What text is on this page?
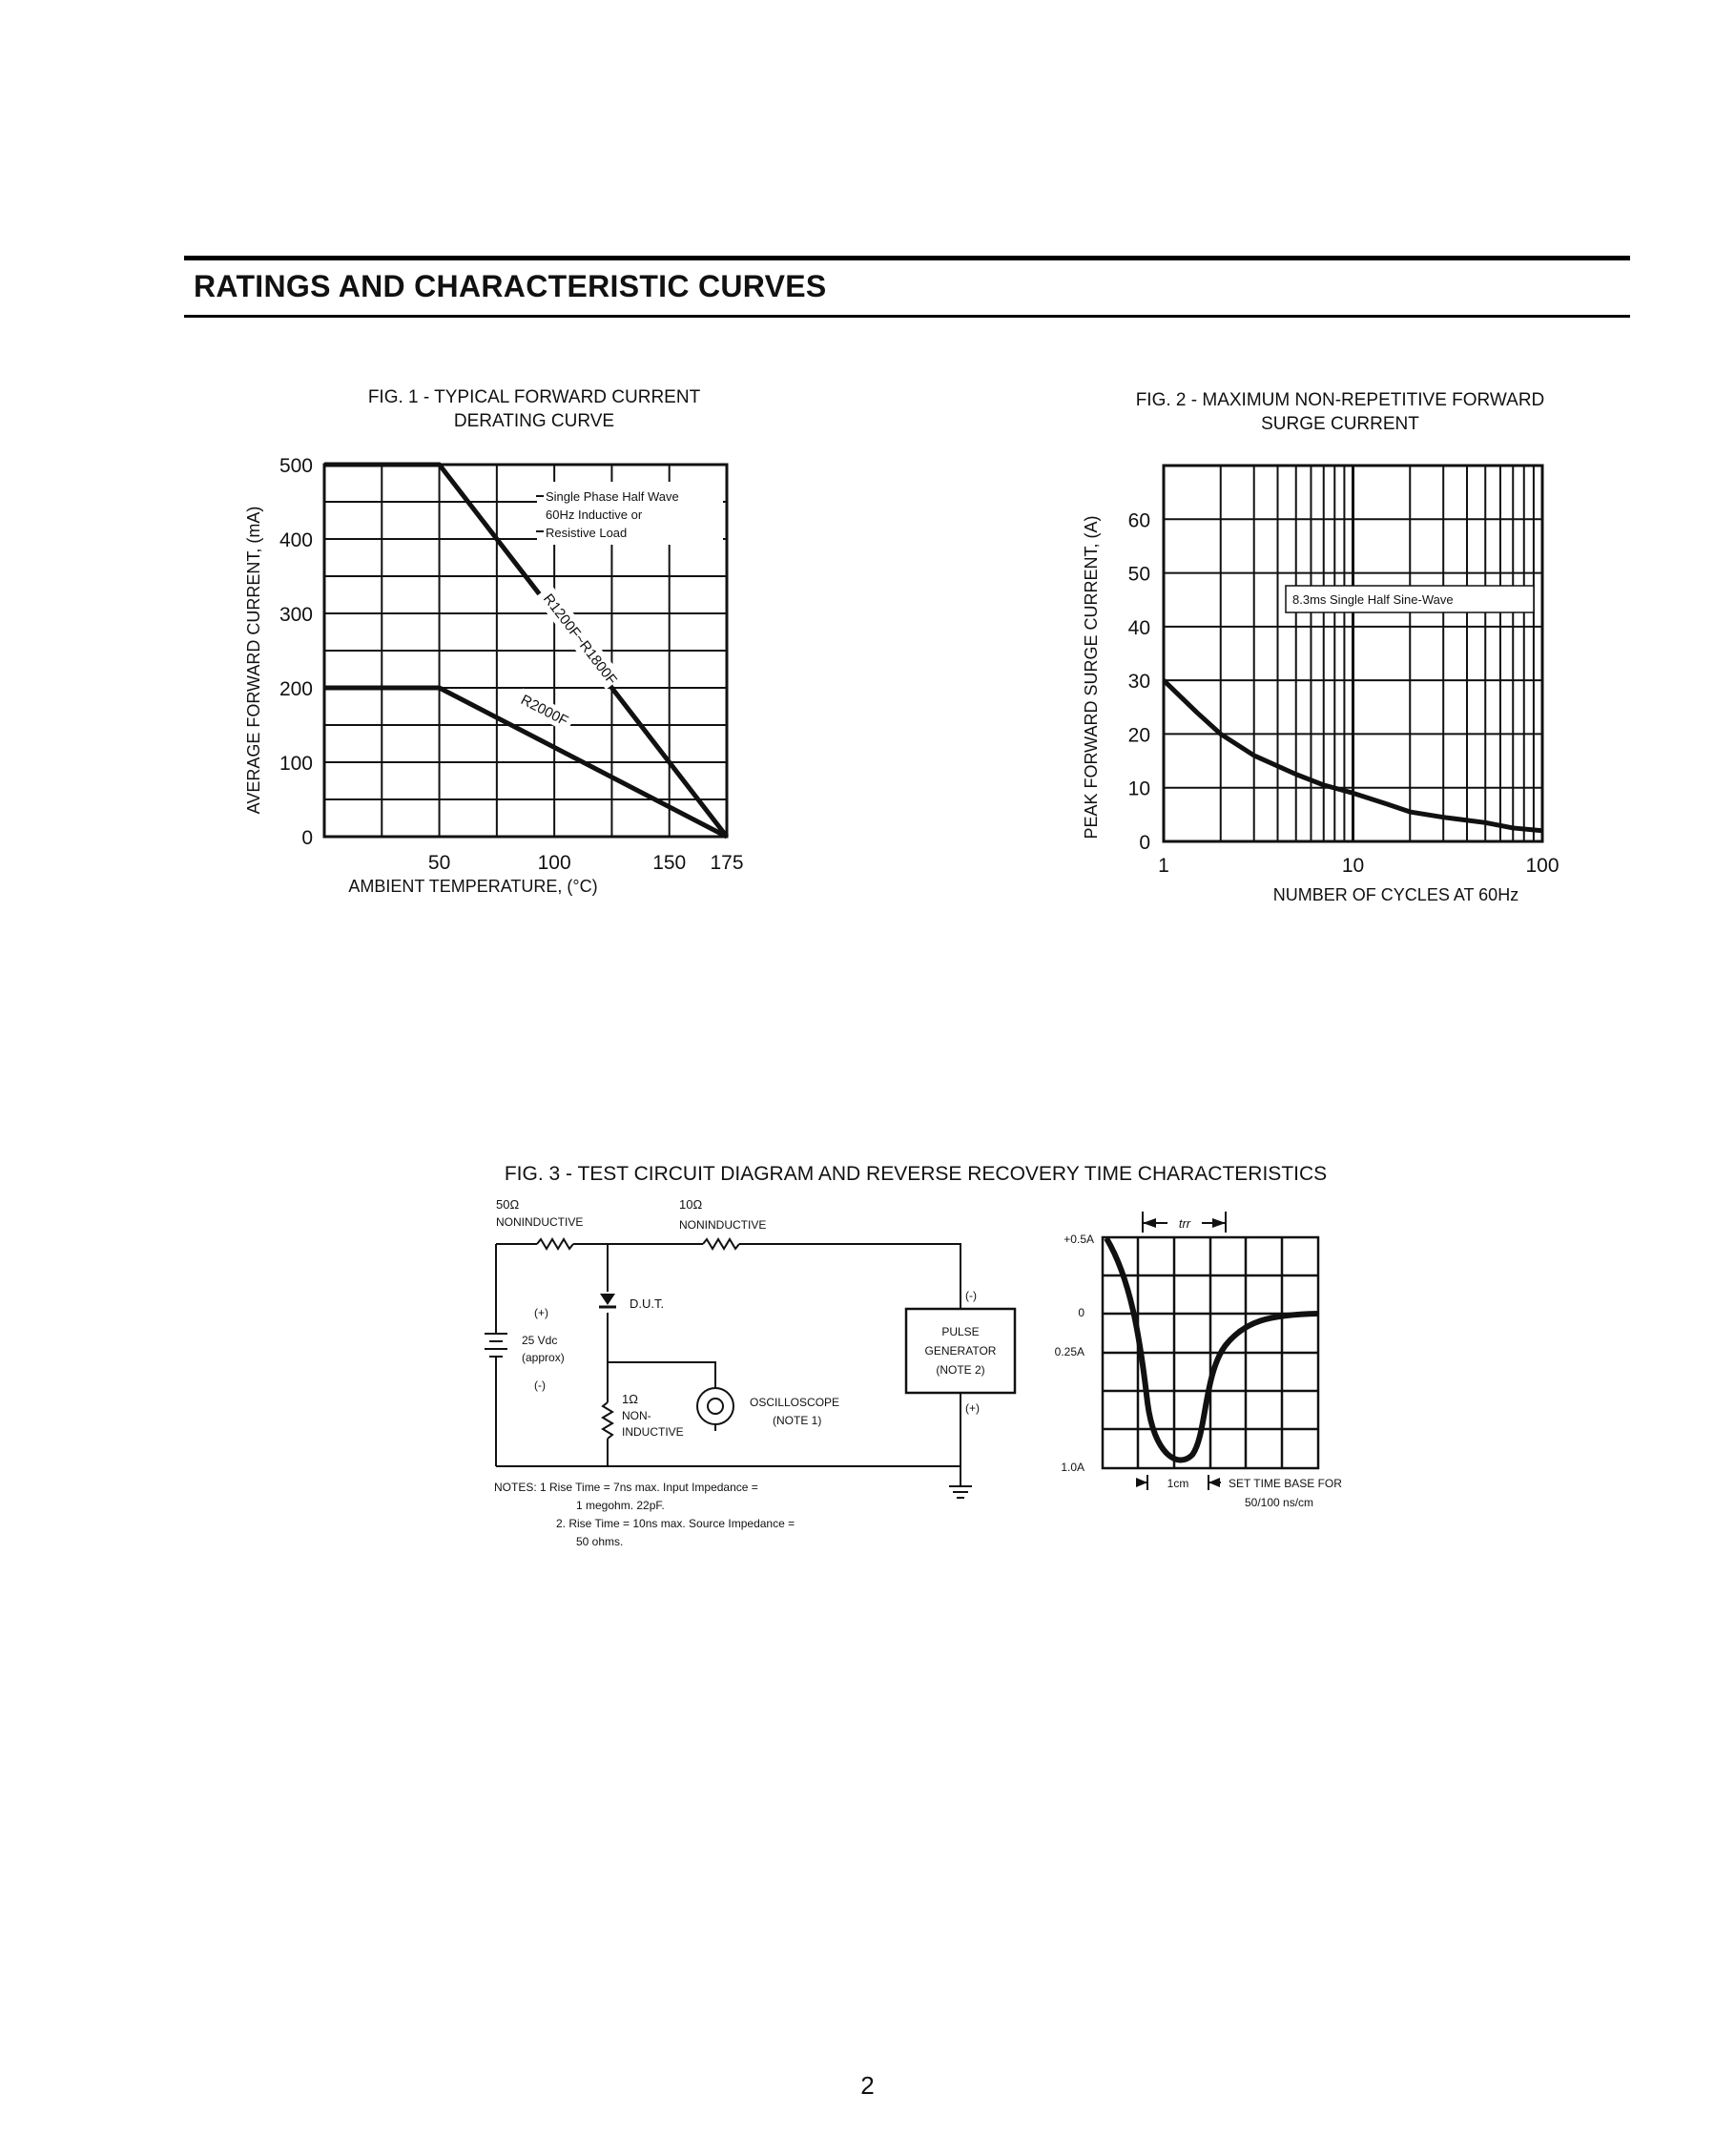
RATINGS AND CHARACTERISTIC CURVES
FIG. 1 - TYPICAL FORWARD CURRENT
DERATING CURVE
FIG. 2 - MAXIMUM NON-REPETITIVE FORWARD
SURGE CURRENT
FIG. 3 - TEST CIRCUIT DIAGRAM AND REVERSE RECOVERY TIME CHARACTERISTICS
Single Phase Half Wave
60Hz Inductive or
Resistive Load
R1200F~R1800F
R2000F
0
100
200
300
400
500
50	100	150 175
AMBIENT TEMPERATURE, (°C)
AVERAGE FORWARD CURRENT, (mA)	8.3ms Single Half Sine-Wave
0
10
20
30
40
50
60
1	10	100
NUMBER OF CYCLES AT 60Hz
PEAK FORWARD SURGE CURRENT, (A)
50Ω
NONINDUCTIVE
10Ω
NONINDUCTIVE
D.U.T.
(+)
25 Vdc
(approx)
(-)
1Ω
NON-
INDUCTIVE
OSCILLOSCOPE
(NOTE 1)
(-)
(+)
PULSE
GENERATOR
(NOTE 2)
NOTES: 1 Rise Time = 7ns max. Input Impedance =
1 megohm. 22pF.
2. Rise Time = 10ns max. Source Impedance =
50 ohms.
trr
+0.5A
0
0.25A
1.0A
1cm	SET TIME BASE FOR
50/100 ns/cm
2
